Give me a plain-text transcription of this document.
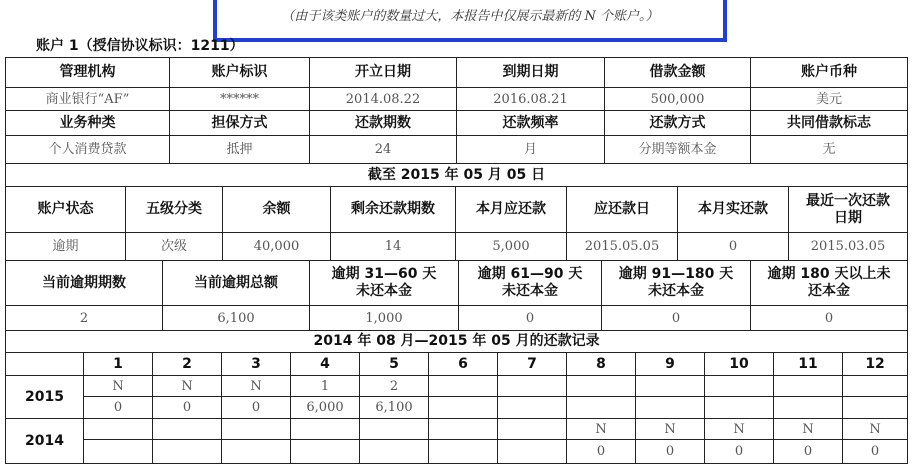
（由于该类账户的数量过大，本报告中仅展示最新的 N 个账户。）
账户 1（授信协议标识：1211）
管理机构	账户标识	开立日期	到期日期	借款金额	账户币种
商业银行“AF”	******	2014.08.22	2016.08.21	500,000	美元
业务种类	担保方式	还款期数	还款频率	还款方式	共同借款标志
个人消费贷款	抵押	24	月	分期等额本金	无
截至 2015 年 05 月 05 日					
账户状态	五级分类	余额	剩余还款期数	本月应还款	应还款日	本月实还款	最近一次还款日期
逾期	次级	40,000	14	5,000	2015.05.05	0	2015.03.05
当前逾期期数	当前逾期总额	逾期 31—60 天未还本金	逾期 61—90 天未还本金	逾期 91—180 天未还本金	逾期 180 天以上未还本金
2	6,100	1,000	0	0	0
2014 年 08 月—2015 年 05 月的还款记录												
	1	2	3	4	5	6	7	8	9	10	11	12
2015	N	N	N	1	2							
	0	0	0	6,000	6,100							
2014								N	N	N	N	N
								0	0	0	0	0
